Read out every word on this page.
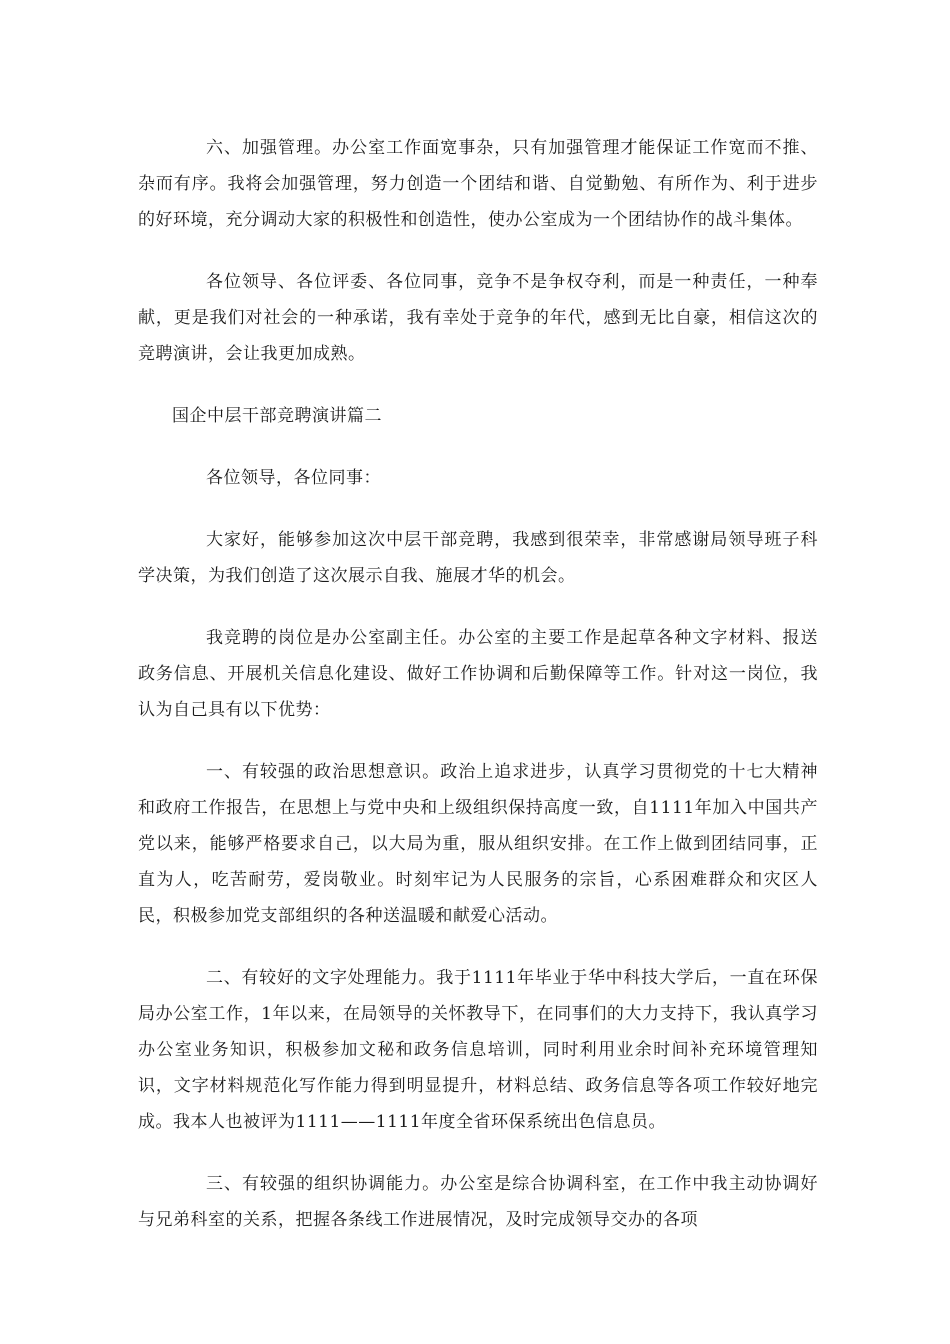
六、加强管理。办公室工作面宽事杂，只有加强管理才能保证工作宽而不推、杂而有序。我将会加强管理，努力创造一个团结和谐、自觉勤勉、有所作为、利于进步的好环境，充分调动大家的积极性和创造性，使办公室成为一个团结协作的战斗集体。

各位领导、各位评委、各位同事，竞争不是争权夺利，而是一种责任，一种奉献，更是我们对社会的一种承诺，我有幸处于竞争的年代，感到无比自豪，相信这次的竞聘演讲，会让我更加成熟。

国企中层干部竞聘演讲篇二

各位领导，各位同事：

大家好，能够参加这次中层干部竞聘，我感到很荣幸，非常感谢局领导班子科学决策，为我们创造了这次展示自我、施展才华的机会。

我竞聘的岗位是办公室副主任。办公室的主要工作是起草各种文字材料、报送政务信息、开展机关信息化建设、做好工作协调和后勤保障等工作。针对这一岗位，我认为自己具有以下优势：

一、有较强的政治思想意识。政治上追求进步，认真学习贯彻党的十七大精神和政府工作报告，在思想上与党中央和上级组织保持高度一致，自1111年加入中国共产党以来，能够严格要求自己，以大局为重，服从组织安排。在工作上做到团结同事，正直为人，吃苦耐劳，爱岗敬业。时刻牢记为人民服务的宗旨，心系困难群众和灾区人民，积极参加党支部组织的各种送温暖和献爱心活动。

二、有较好的文字处理能力。我于1111年毕业于华中科技大学后，一直在环保局办公室工作，1年以来，在局领导的关怀教导下，在同事们的大力支持下，我认真学习办公室业务知识，积极参加文秘和政务信息培训，同时利用业余时间补充环境管理知识，文字材料规范化写作能力得到明显提升，材料总结、政务信息等各项工作较好地完成。我本人也被评为1111——1111年度全省环保系统出色信息员。

三、有较强的组织协调能力。办公室是综合协调科室，在工作中我主动协调好与兄弟科室的关系，把握各条线工作进展情况，及时完成领导交办的各项
